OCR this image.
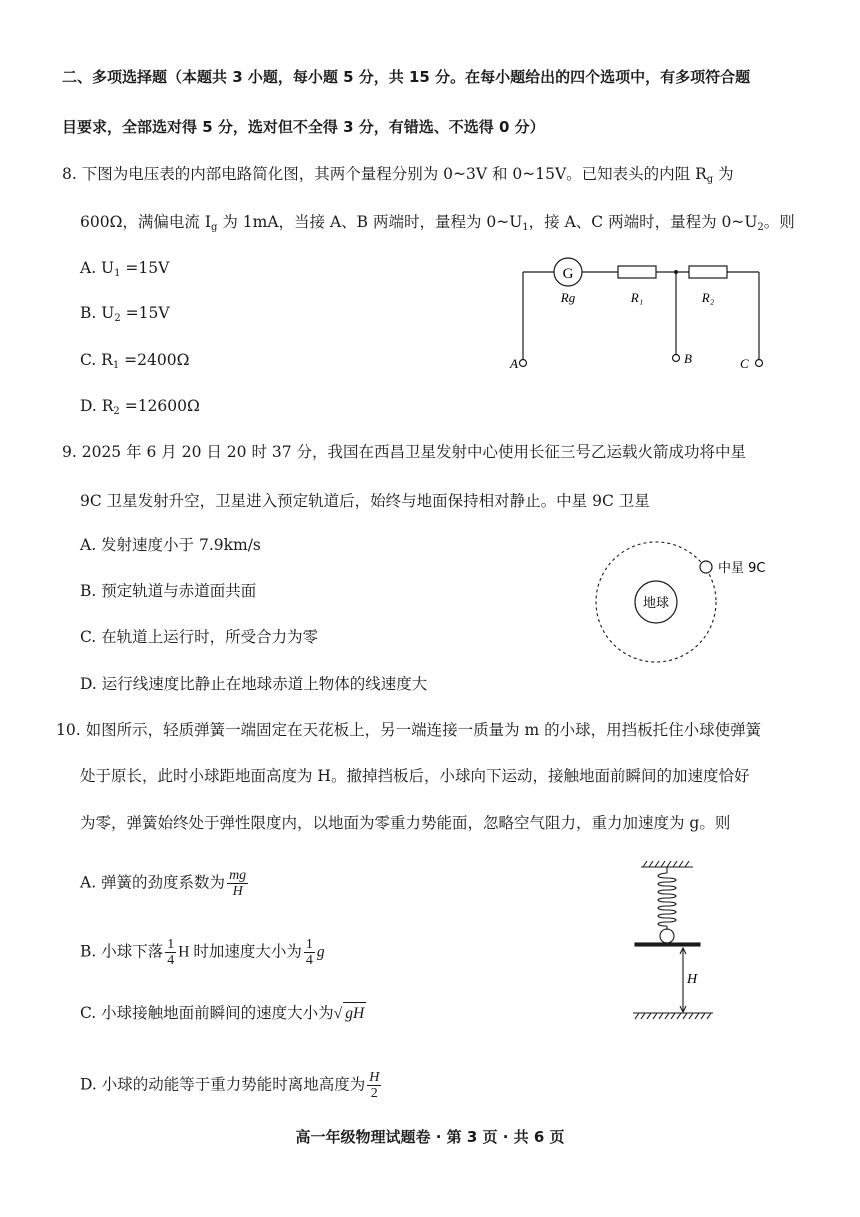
二、多项选择题（本题共 3 小题，每小题 5 分，共 15 分。在每小题给出的四个选项中，有多项符合题
目要求，全部选对得 5 分，选对但不全得 3 分，有错选、不选得 0 分）
8. 下图为电压表的内部电路简化图，其两个量程分别为 0~3V 和 0~15V。已知表头的内阻 $R_g$ 为
600Ω，满偏电流 $I_g$ 为 1mA，当接 A、B 两端时，量程为 $0\sim U_1$，接 A、C 两端时，量程为 $0\sim U_2$。则
A. $U_1 =15V$
B. $U_2 =15V$
C. $R_1 =2400\Omega$
D. $R_2 =12600\Omega$
G
Rg	R₁	R₂
A	B	C
9. 2025 年 6 月 20 日 20 时 37 分，我国在西昌卫星发射中心使用长征三号乙运载火箭成功将中星
9C 卫星发射升空，卫星进入预定轨道后，始终与地面保持相对静止。中星 9C 卫星
A. 发射速度小于 7.9km/s
B. 预定轨道与赤道面共面
C. 在轨道上运行时，所受合力为零
D. 运行线速度比静止在地球赤道上物体的线速度大
地球
中星 9C
10. 如图所示，轻质弹簧一端固定在天花板上，另一端连接一质量为 m 的小球，用挡板托住小球使弹簧
处于原长，此时小球距地面高度为 H。撤掉挡板后，小球向下运动，接触地面前瞬间的加速度恰好
为零，弹簧始终处于弹性限度内，以地面为零重力势能面，忽略空气阻力，重力加速度为 g。则
A. 弹簧的劲度系数为 $\frac{mg}{H}$
B. 小球下落 $\frac{1}{4}$ H 时加速度大小为 $\frac{1}{4}$ g
C. 小球接触地面前瞬间的速度大小为√ gH
D. 小球的动能等于重力势能时离地高度为 $\frac{H}{2}$
H
高一年级物理试题卷 · 第 3 页 · 共 6 页
